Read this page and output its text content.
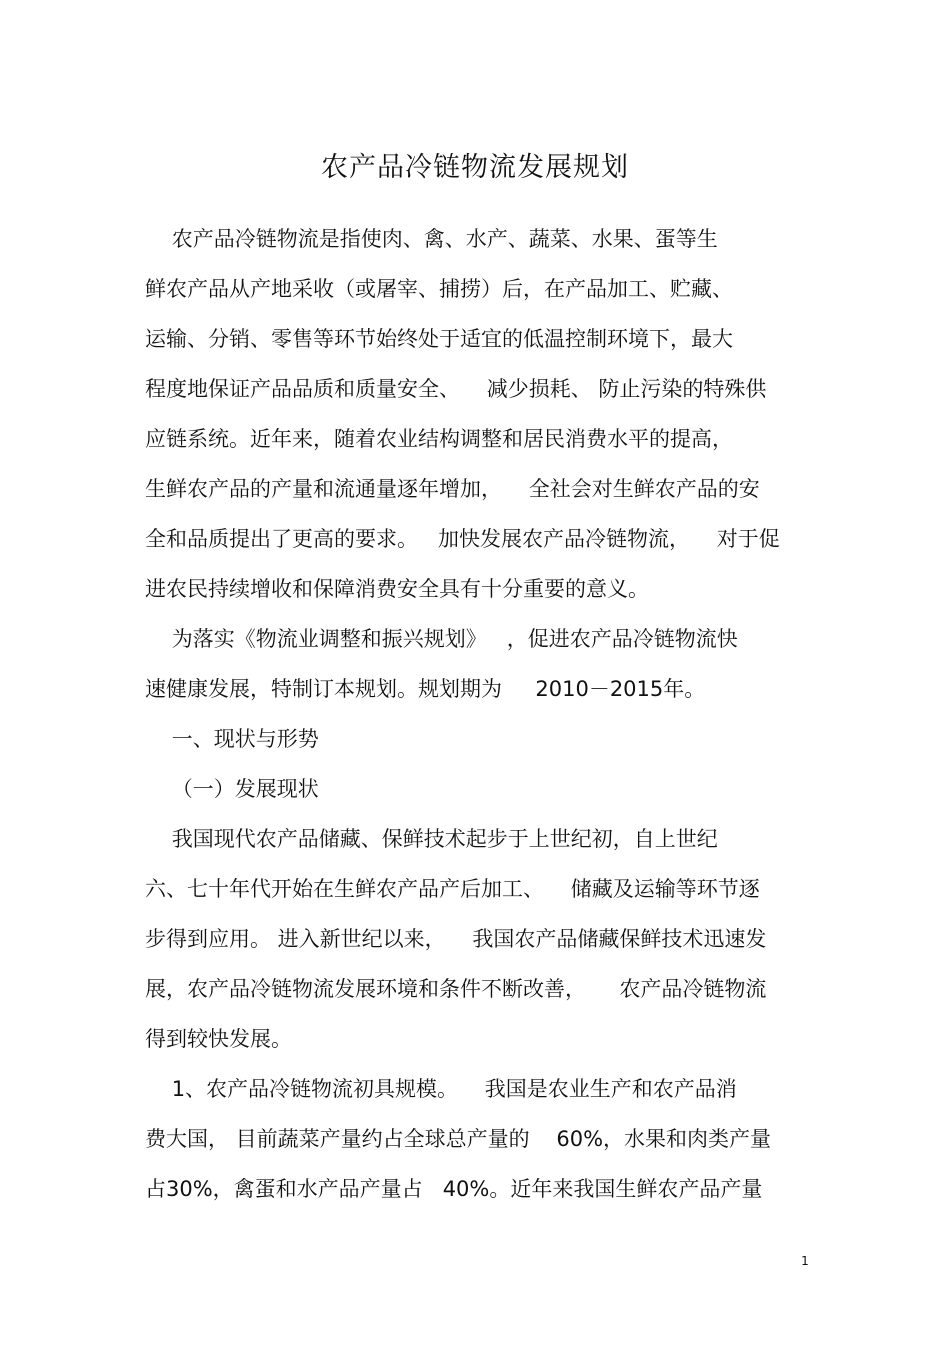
农产品冷链物流发展规划
农产品冷链物流是指使肉、禽、水产、蔬菜、水果、蛋等生
鲜农产品从产地采收（或屠宰、捕捞）后，在产品加工、贮藏、
运输、分销、零售等环节始终处于适宜的低温控制环境下，最大
程度地保证产品品质和质量安全、    减少损耗、 防止污染的特殊供
应链系统。近年来，随着农业结构调整和居民消费水平的提高，
生鲜农产品的产量和流通量逐年增加，    全社会对生鲜农产品的安
全和品质提出了更高的要求。   加快发展农产品冷链物流，    对于促
进农民持续增收和保障消费安全具有十分重要的意义。
为落实《物流业调整和振兴规划》   ，促进农产品冷链物流快
速健康发展，特制订本规划。规划期为     2010－2015年。
一、现状与形势
（一）发展现状
我国现代农产品储藏、保鲜技术起步于上世纪初，自上世纪
六、七十年代开始在生鲜农产品产后加工、    储藏及运输等环节逐
步得到应用。 进入新世纪以来，    我国农产品储藏保鲜技术迅速发
展，农产品冷链物流发展环境和条件不断改善，     农产品冷链物流
得到较快发展。
1、农产品冷链物流初具规模。    我国是农业生产和农产品消
费大国， 目前蔬菜产量约占全球总产量的    60%，水果和肉类产量
占30%，禽蛋和水产品产量占   40%。近年来我国生鲜农产品产量
1
